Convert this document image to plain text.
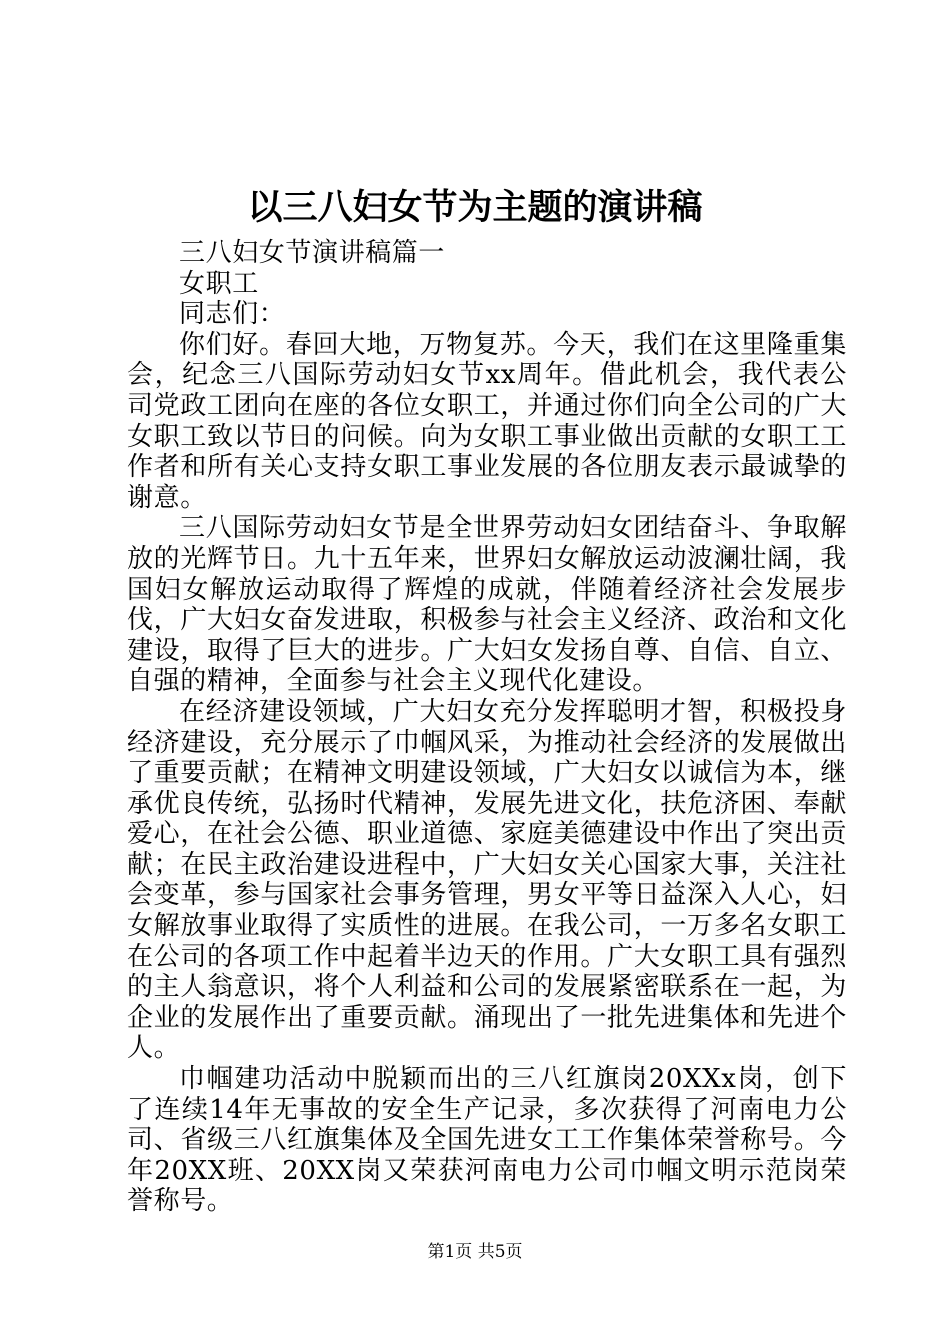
以三八妇女节为主题的演讲稿
三八妇女节演讲稿篇一
女职工
同志们：

你们好。春回大地，万物复苏。今天，我们在这里隆重集会，纪念三八国际劳动妇女节xx周年。借此机会，我代表公司党政工团向在座的各位女职工，并通过你们向全公司的广大女职工致以节日的问候。向为女职工事业做出贡献的女职工工作者和所有关心支持女职工事业发展的各位朋友表示最诚挚的谢意。

三八国际劳动妇女节是全世界劳动妇女团结奋斗、争取解放的光辉节日。九十五年来，世界妇女解放运动波澜壮阔，我国妇女解放运动取得了辉煌的成就，伴随着经济社会发展步伐，广大妇女奋发进取，积极参与社会主义经济、政治和文化建设，取得了巨大的进步。广大妇女发扬自尊、自信、自立、自强的精神，全面参与社会主义现代化建设。

在经济建设领域，广大妇女充分发挥聪明才智，积极投身经济建设，充分展示了巾帼风采，为推动社会经济的发展做出了重要贡献；在精神文明建设领域，广大妇女以诚信为本，继承优良传统，弘扬时代精神，发展先进文化，扶危济困、奉献爱心，在社会公德、职业道德、家庭美德建设中作出了突出贡献；在民主政治建设进程中，广大妇女关心国家大事，关注社会变革，参与国家社会事务管理，男女平等日益深入人心，妇女解放事业取得了实质性的进展。在我公司，一万多名女职工在公司的各项工作中起着半边天的作用。广大女职工具有强烈的主人翁意识，将个人利益和公司的发展紧密联系在一起，为企业的发展作出了重要贡献。涌现出了一批先进集体和先进个人。

巾帼建功活动中脱颖而出的三八红旗岗20XXx岗，创下了连续14年无事故的安全生产记录，多次获得了河南电力公司、省级三八红旗集体及全国先进女工工作集体荣誉称号。今年20XX班、20XX岗又荣获河南电力公司巾帼文明示范岗荣誉称号。

第1页 共5页
